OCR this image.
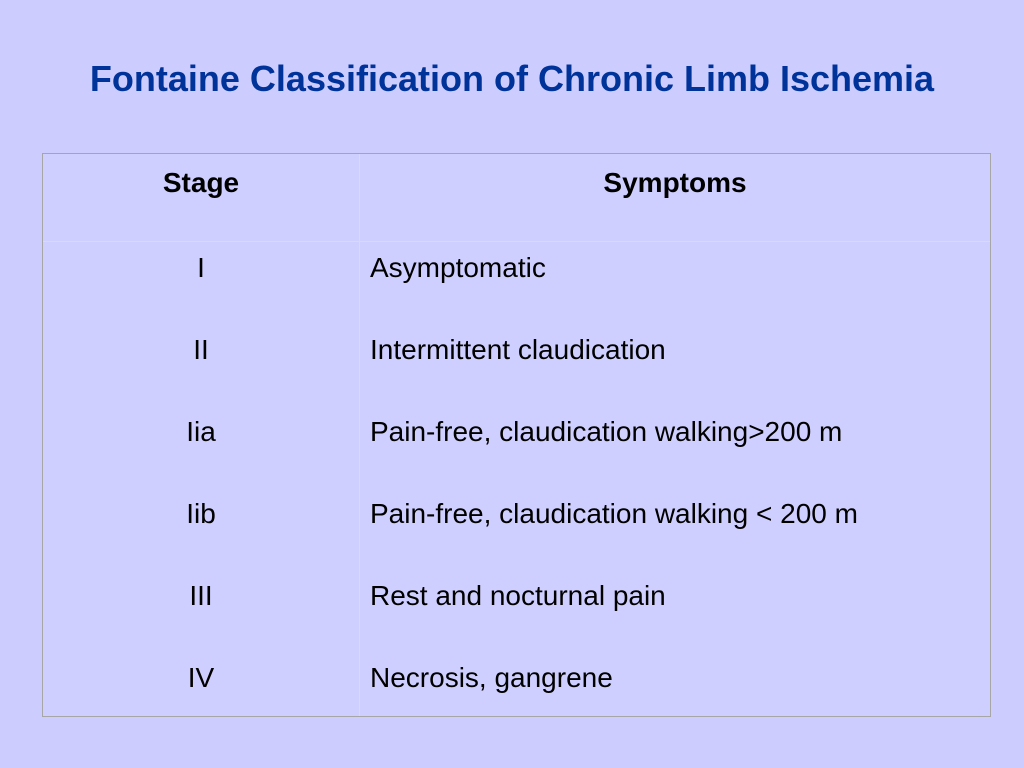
Fontaine Classification of Chronic Limb Ischemia
Stage	Symptoms
I
II
Iia
Iib
III
IV
Asymptomatic
Intermittent claudication
Pain-free, claudication walking>200 m
Pain-free, claudication walking < 200 m
Rest and nocturnal pain
Necrosis, gangrene
